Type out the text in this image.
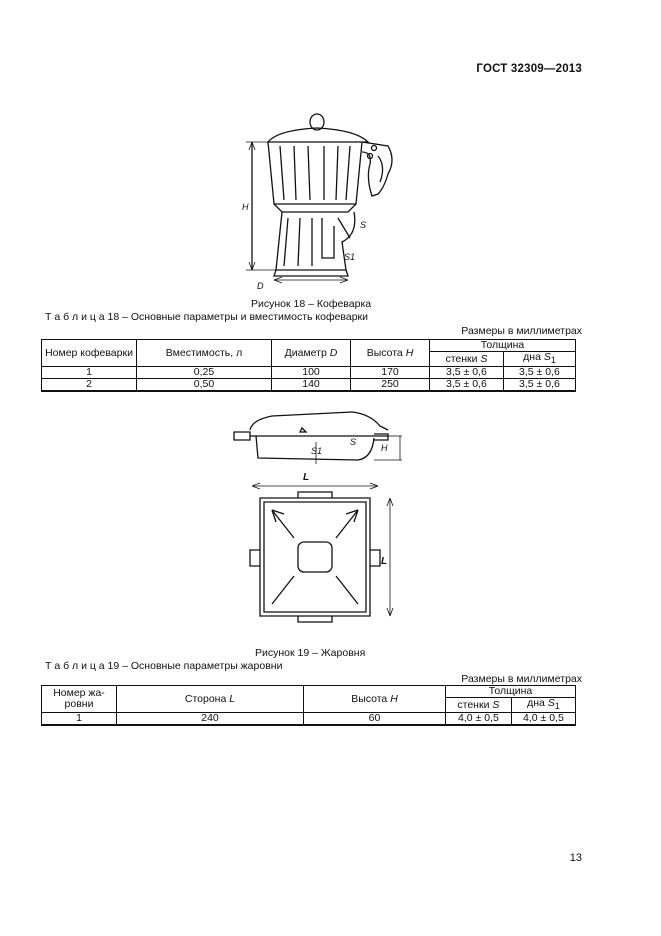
ГОСТ 32309—2013
H
D
S
S1
Рисунок 18 – Кофеварка
Т а б л и ц а 18 – Основные параметры и вместимость кофеварки
Размеры в миллиметрах
Номер кофеварки	Вместимость, л	Диаметр D	Высота H	Толщина	
				стенки S	дна $S_1$
1	0,25	100	170	3,5 ± 0,6	3,5 ± 0,6
2	0,50	140	250	3,5 ± 0,6	3,5 ± 0,6
S1
S
H
L
L
Рисунок 19 – Жаровня
Т а б л и ц а 19 – Основные параметры жаровни
Размеры в миллиметрах
Номер жа-ровни	Сторона L	Высота H	Толщина	
			стенки S	дна $S_1$
1	240	60	4,0 ± 0,5	4,0 ± 0,5
13
